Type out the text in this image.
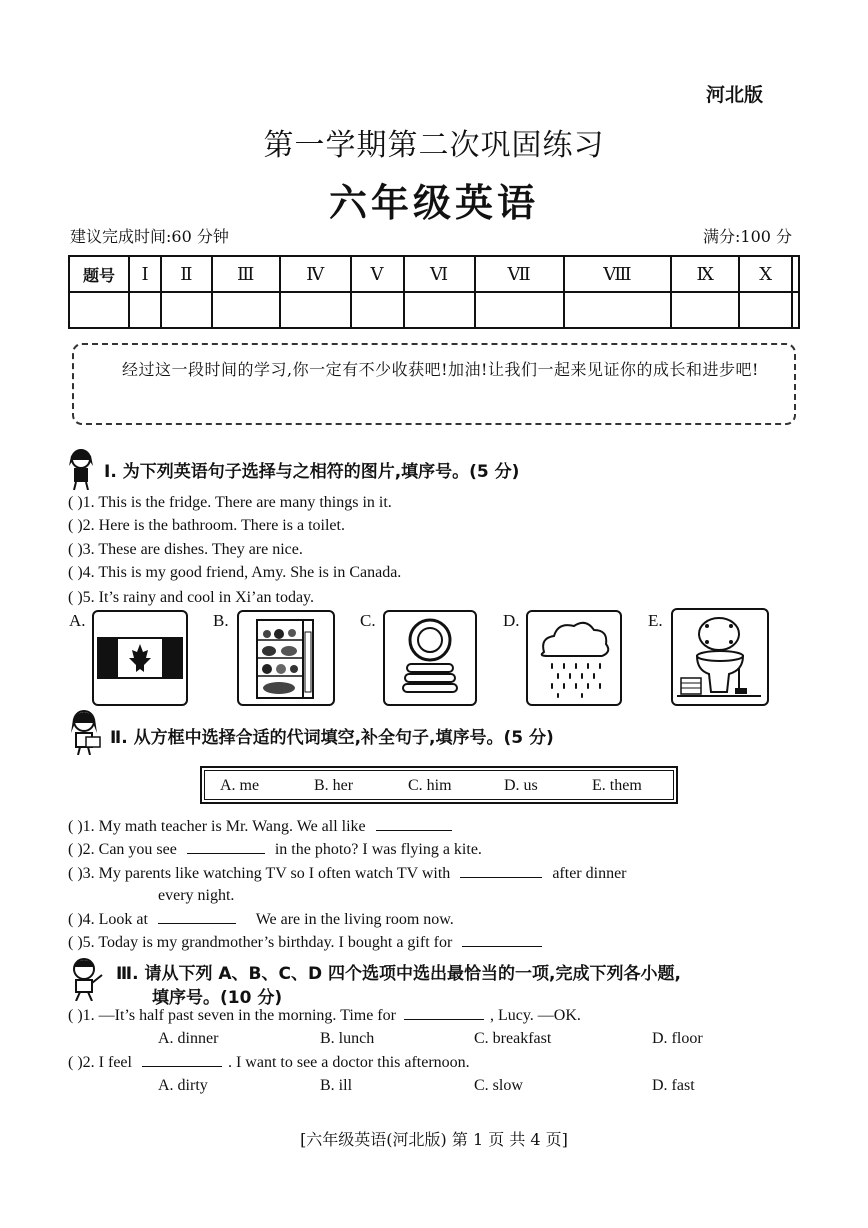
河北版
第一学期第二次巩固练习
六年级英语
建议完成时间:60 分钟	满分:100 分
题号	Ⅰ	Ⅱ	Ⅲ	Ⅳ	Ⅴ	Ⅵ	Ⅶ	Ⅷ	Ⅸ	Ⅹ	

经过这一段时间的学习,你一定有不少收获吧!加油!让我们一起来见证你的成长和进步吧!
Ⅰ. 为下列英语句子选择与之相符的图片,填序号。(5 分)
( )1. This is the fridge. There are many things in it.
( )2. Here is the bathroom. There is a toilet.
( )3. These are dishes. They are nice.
( )4. This is my good friend, Amy. She is in Canada.
( )5. It’s rainy and cool in Xi’an today.
A.	B.	C.	D.	E.
Ⅱ. 从方框中选择合适的代词填空,补全句子,填序号。(5 分)
A. me	B. her	C. him	D. us	E. them
( )1. My math teacher is Mr. Wang. We all like
( )2. Can you see	in the photo? I was flying a kite.
( )3. My parents like watching TV so I often watch TV with	after dinner
every night.
( )4. Look at	We are in the living room now.
( )5. Today is my grandmother’s birthday. I bought a gift for
Ⅲ. 请从下列 A、B、C、D 四个选项中选出最恰当的一项,完成下列各小题,
填序号。(10 分)
( )1. —It’s half past seven in the morning. Time for	, Lucy. —OK.
A. dinner	B. lunch	C. breakfast	D. floor
( )2. I feel	. I want to see a doctor this afternoon.
A. dirty	B. ill	C. slow	D. fast
[六年级英语(河北版) 第 1 页 共 4 页]
